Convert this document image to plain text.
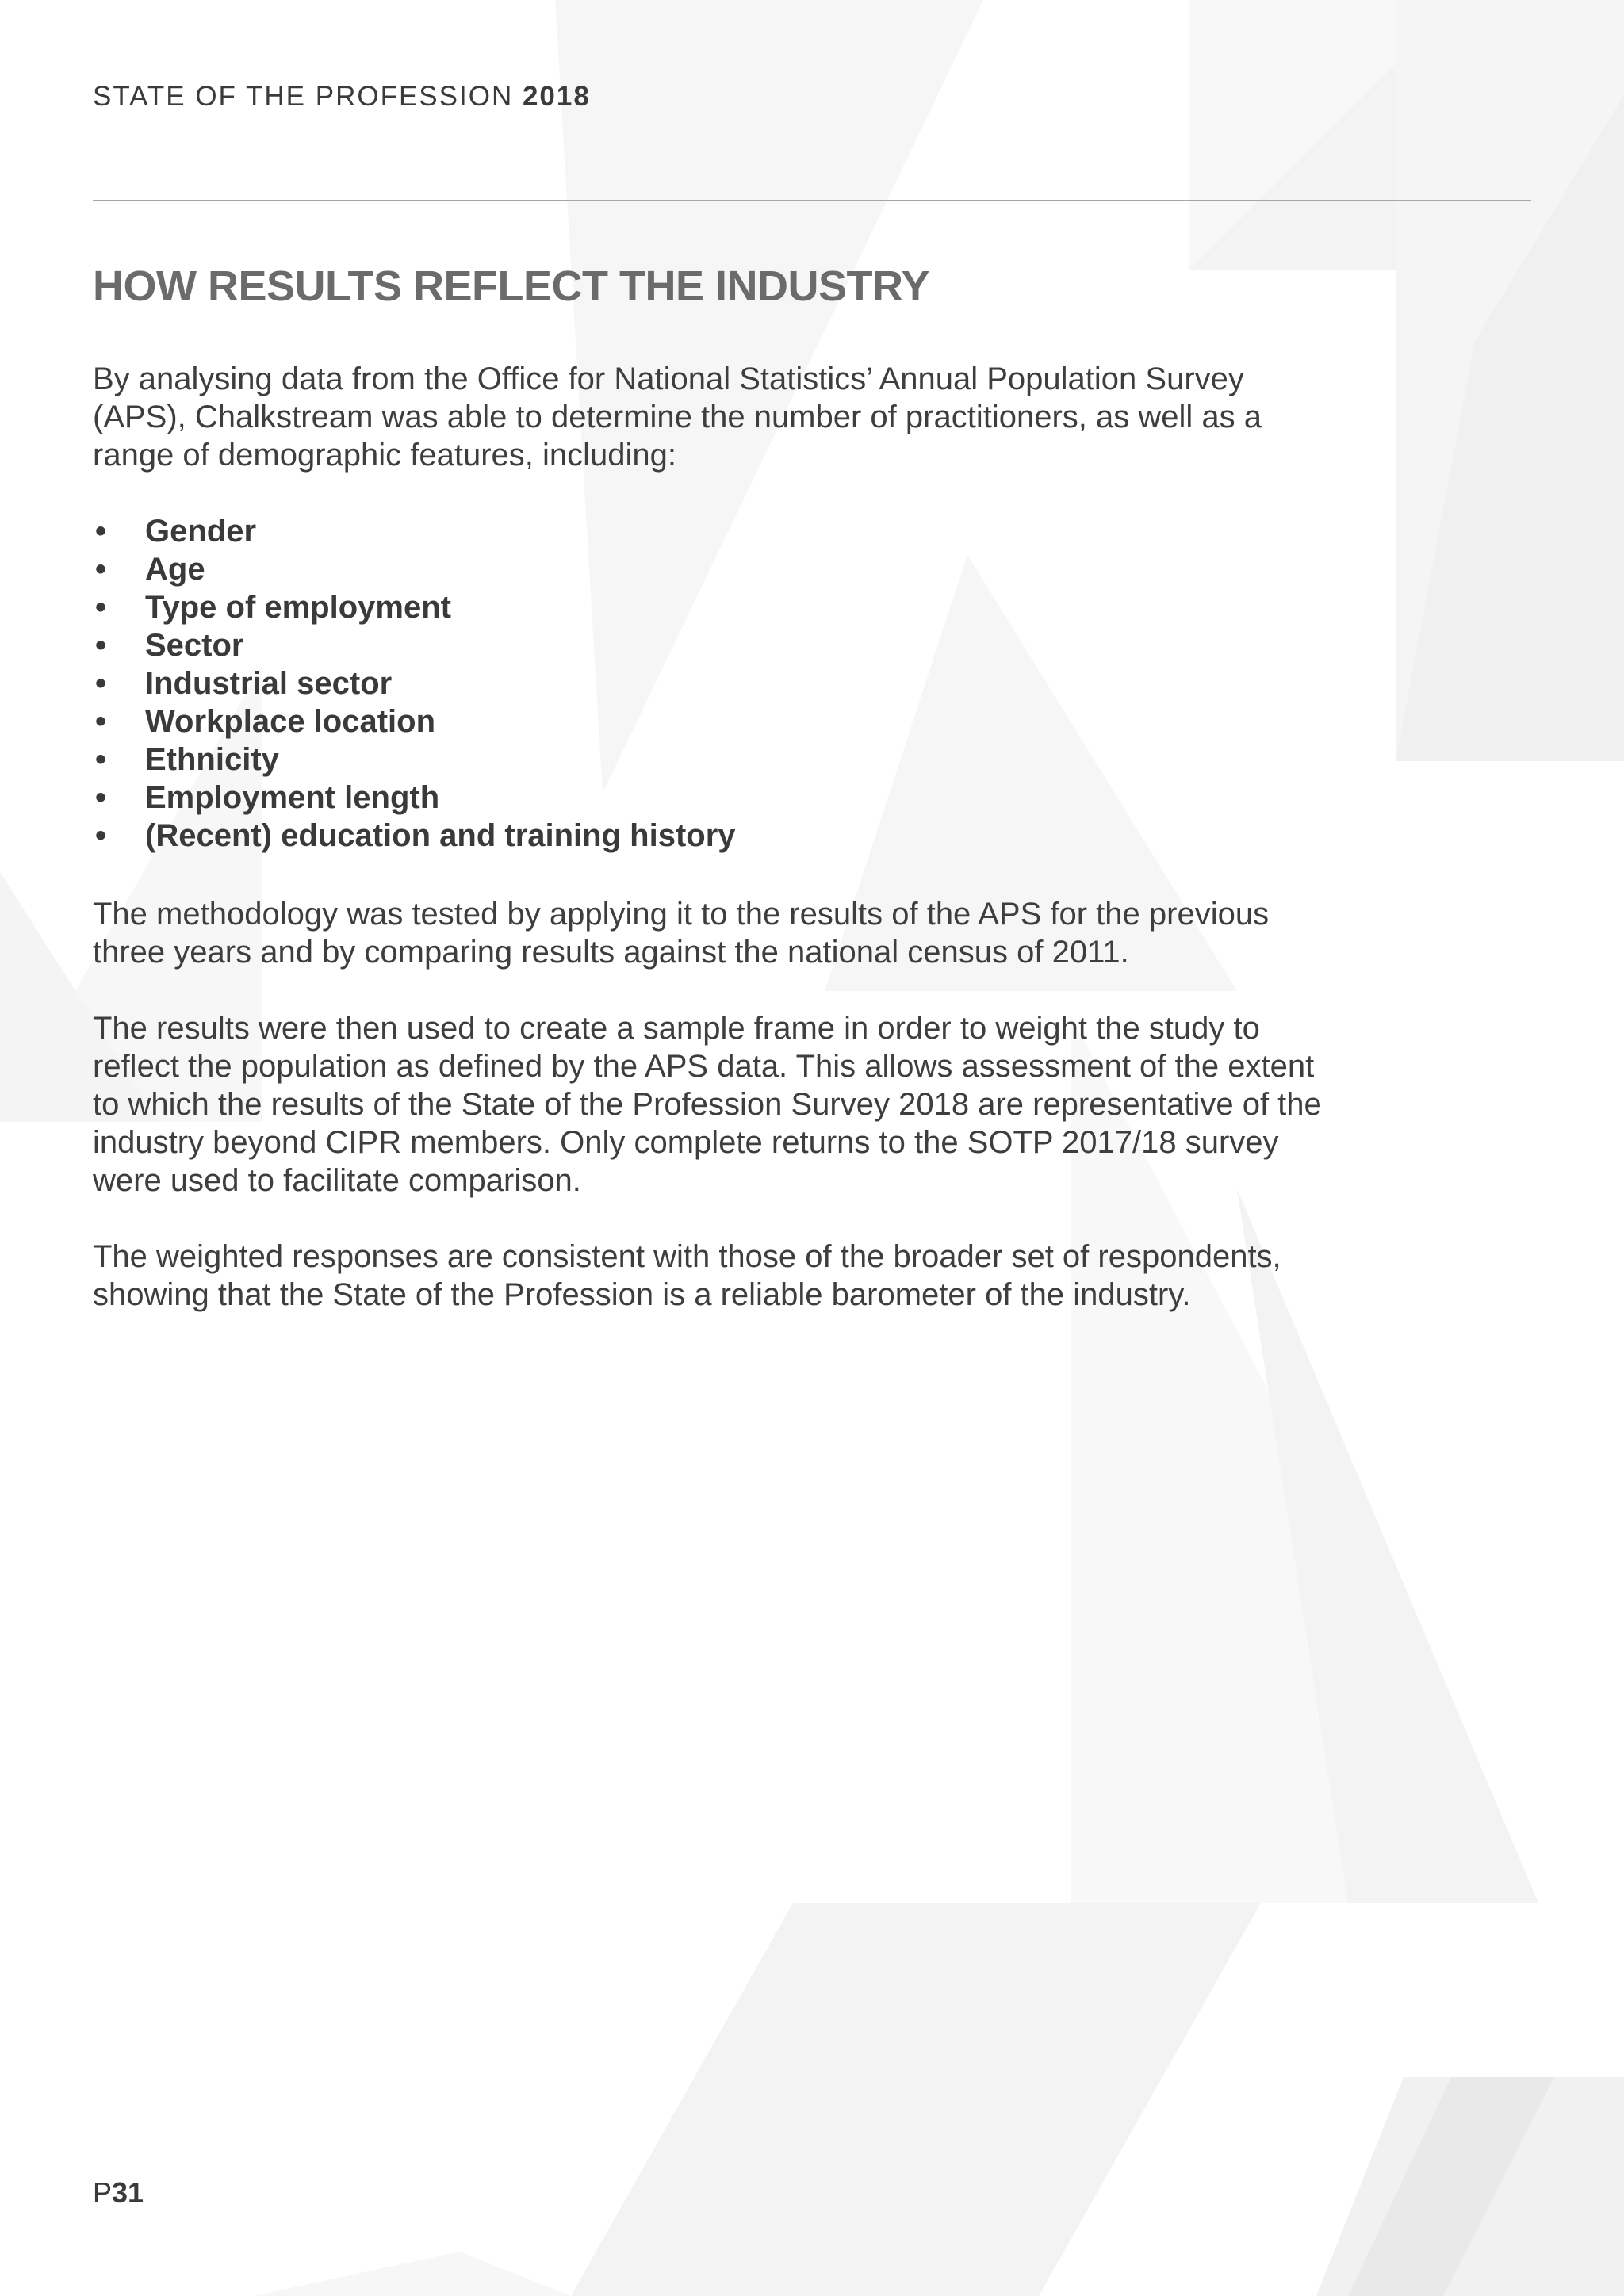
STATE OF THE PROFESSION 2018
HOW RESULTS REFLECT THE INDUSTRY

By analysing data from the Office for National Statistics’ Annual Population Survey (APS), Chalkstream was able to determine the number of practitioners, as well as a range of demographic features, including:

• Gender
• Age
• Type of employment
• Sector
• Industrial sector
• Workplace location
• Ethnicity
• Employment length
• (Recent) education and training history

The methodology was tested by applying it to the results of the APS for the previous three years and by comparing results against the national census of 2011.

The results were then used to create a sample frame in order to weight the study to reflect the population as defined by the APS data. This allows assessment of the extent to which the results of the State of the Profession Survey 2018 are representative of the industry beyond CIPR members. Only complete returns to the SOTP 2017/18 survey were used to facilitate comparison.

The weighted responses are consistent with those of the broader set of respondents, showing that the State of the Profession is a reliable barometer of the industry.

P31
